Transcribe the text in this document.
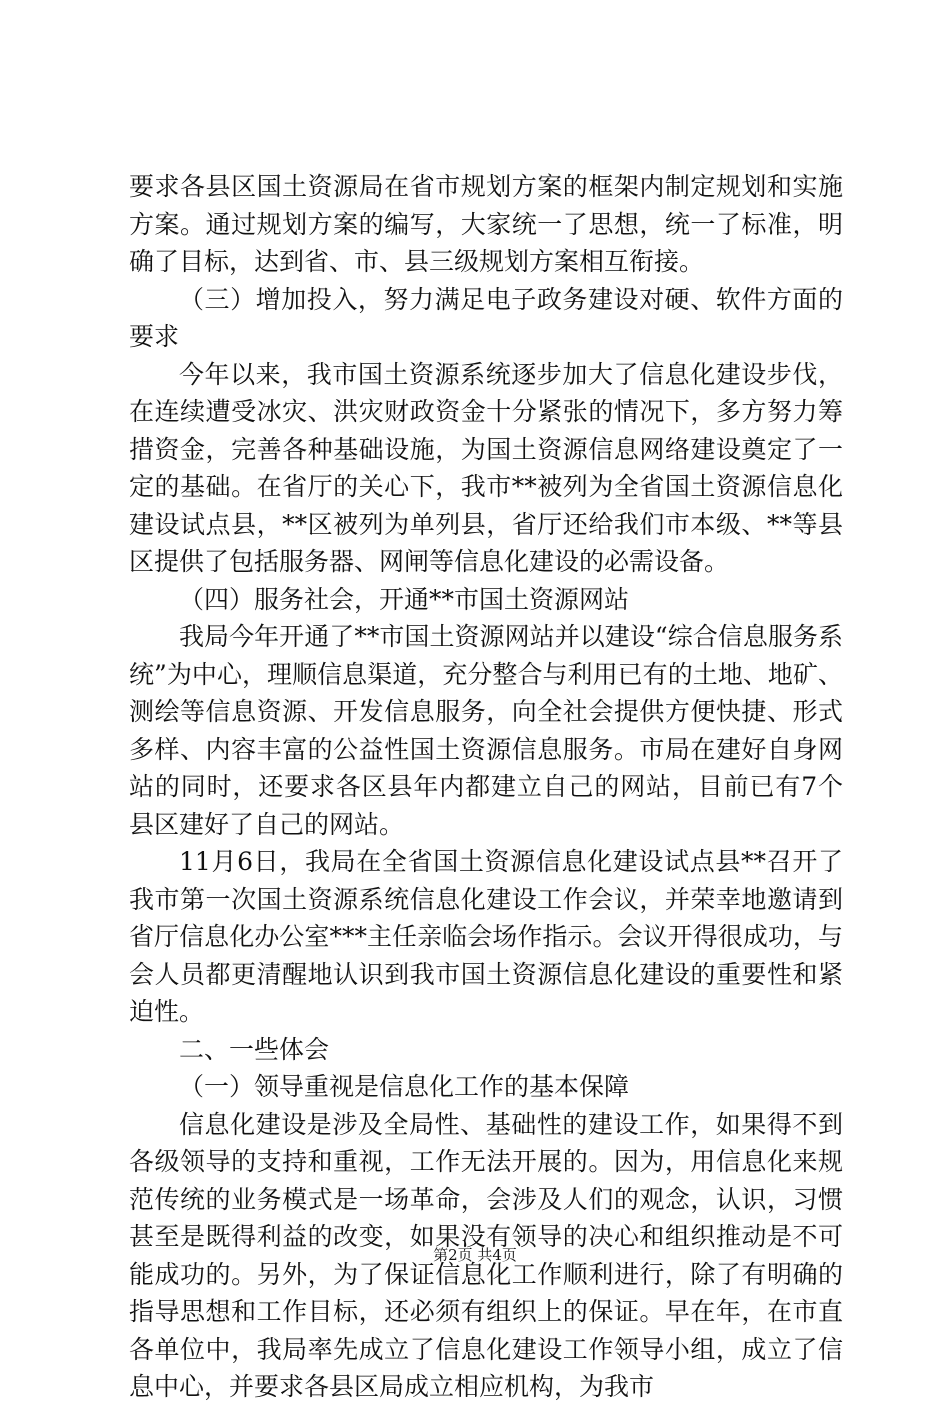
要求各县区国土资源局在省市规划方案的框架内制定规划和实施方案。通过规划方案的编写，大家统一了思想，统一了标准，明确了目标，达到省、市、县三级规划方案相互衔接。

（三）增加投入，努力满足电子政务建设对硬、软件方面的要求

今年以来，我市国土资源系统逐步加大了信息化建设步伐，在连续遭受冰灾、洪灾财政资金十分紧张的情况下，多方努力筹措资金，完善各种基础设施，为国土资源信息网络建设奠定了一定的基础。在省厅的关心下，我市**被列为全省国土资源信息化建设试点县，**区被列为单列县，省厅还给我们市本级、**等县区提供了包括服务器、网闸等信息化建设的必需设备。

（四）服务社会，开通**市国土资源网站

我局今年开通了**市国土资源网站并以建设“综合信息服务系统”为中心，理顺信息渠道，充分整合与利用已有的土地、地矿、测绘等信息资源、开发信息服务，向全社会提供方便快捷、形式多样、内容丰富的公益性国土资源信息服务。市局在建好自身网站的同时，还要求各区县年内都建立自己的网站，目前已有7个县区建好了自己的网站。

11月6日，我局在全省国土资源信息化建设试点县**召开了我市第一次国土资源系统信息化建设工作会议，并荣幸地邀请到省厅信息化办公室***主任亲临会场作指示。会议开得很成功，与会人员都更清醒地认识到我市国土资源信息化建设的重要性和紧迫性。

二、一些体会

（一）领导重视是信息化工作的基本保障

信息化建设是涉及全局性、基础性的建设工作，如果得不到各级领导的支持和重视，工作无法开展的。因为，用信息化来规范传统的业务模式是一场革命，会涉及人们的观念，认识，习惯甚至是既得利益的改变，如果没有领导的决心和组织推动是不可能成功的。另外，为了保证信息化工作顺利进行，除了有明确的指导思想和工作目标，还必须有组织上的保证。早在年，在市直各单位中，我局率先成立了信息化建设工作领导小组，成立了信息中心，并要求各县区局成立相应机构，为我市

第2页 共4页
